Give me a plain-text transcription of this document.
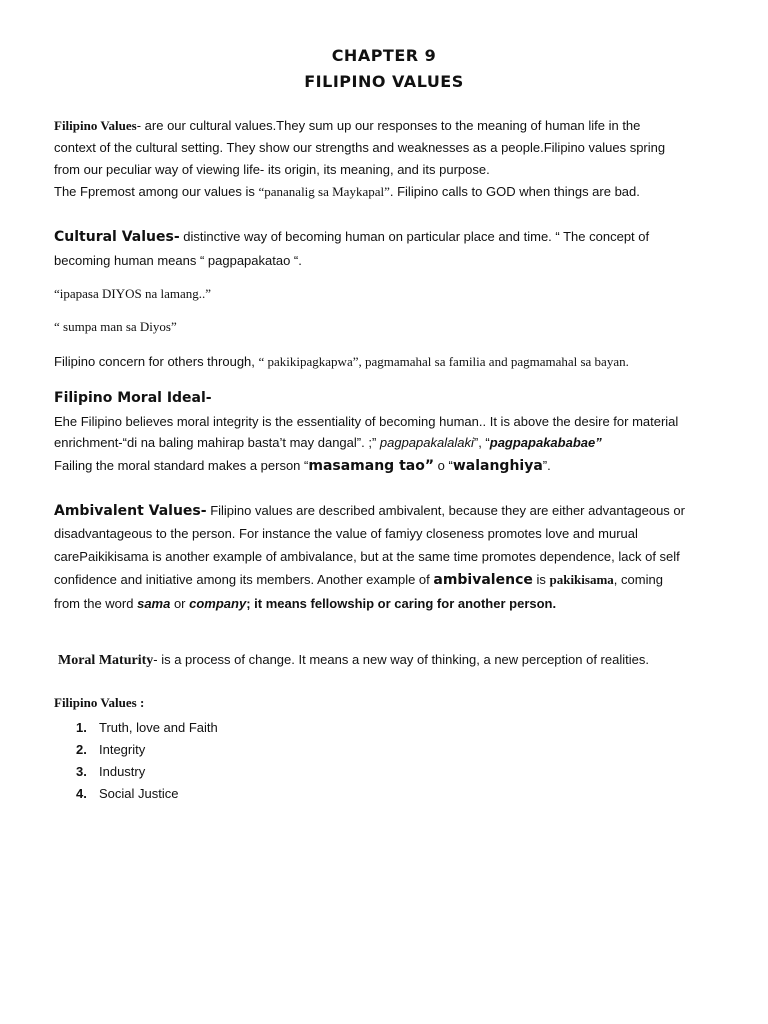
CHAPTER 9
FILIPINO VALUES
Filipino Values- are our cultural values.They sum up our responses to the meaning of human life in the
context of the cultural setting. They show our strengths and weaknesses as a people.Filipino values spring
from our peculiar way of viewing life- its origin, its meaning, and its purpose.
The Fpremost among our values is “pananalig sa Maykapal”. Filipino calls to GOD when things are bad.
Cultural Values- distinctive way of becoming human on particular place and time. “ The concept of
becoming human means “ pagpapakatao “.
“ipapasa DIYOS na lamang..”
“ sumpa man sa Diyos”
Filipino concern for others through, “ pakikipagkapwa”, pagmamahal sa familia and pagmamahal sa bayan.
Filipino Moral Ideal-
Ehe Filipino believes moral integrity is the essentiality of becoming human.. It is above the desire for material
enrichment-“di na baling mahirap basta’t may dangal”. ;” pagpapakalalaki”, “pagpapakababae”
Failing the moral standard makes a person “masamang tao” o “walanghiya”.
Ambivalent Values- Filipino values are described ambivalent, because they are either advantageous or
disadvantageous to the person. For instance the value of famiyy closeness promotes love and murual
carePaikikisama is another example of ambivalance, but at the same time promotes dependence, lack of self
confidence and initiative among its members. Another example of ambivalence is pakikisama, coming
from the word sama or company; it means fellowship or caring for another person.
Moral Maturity- is a process of change. It means a new way of thinking, a new perception of realities.
Filipino Values :
1. Truth, love and Faith
2. Integrity
3. Industry
4. Social Justice
